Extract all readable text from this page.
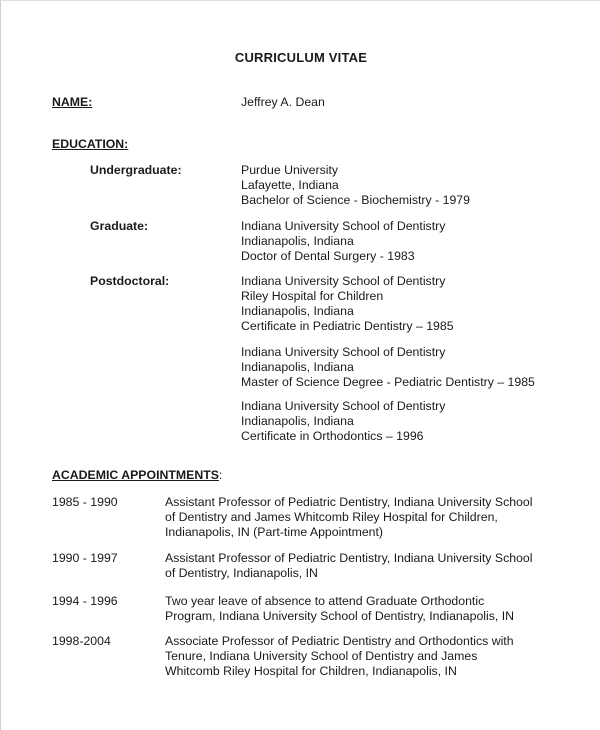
CURRICULUM VITAE
NAME:	Jeffrey A. Dean
EDUCATION:
Undergraduate:	Purdue University
Lafayette, Indiana
Bachelor of Science - Biochemistry - 1979
Graduate:	Indiana University School of Dentistry
Indianapolis, Indiana
Doctor of Dental Surgery - 1983
Postdoctoral:	Indiana University School of Dentistry
Riley Hospital for Children
Indianapolis, Indiana
Certificate in Pediatric Dentistry – 1985
Indiana University School of Dentistry
Indianapolis, Indiana
Master of Science Degree - Pediatric Dentistry – 1985
Indiana University School of Dentistry
Indianapolis, Indiana
Certificate in Orthodontics – 1996
ACADEMIC APPOINTMENTS:
1985 - 1990	Assistant Professor of Pediatric Dentistry, Indiana University School
of Dentistry and James Whitcomb Riley Hospital for Children,
Indianapolis, IN (Part-time Appointment)
1990 - 1997	Assistant Professor of Pediatric Dentistry, Indiana University School
of Dentistry, Indianapolis, IN
1994 - 1996	Two year leave of absence to attend Graduate Orthodontic
Program, Indiana University School of Dentistry, Indianapolis, IN
1998-2004	Associate Professor of Pediatric Dentistry and Orthodontics with
Tenure, Indiana University School of Dentistry and James
Whitcomb Riley Hospital for Children, Indianapolis, IN
